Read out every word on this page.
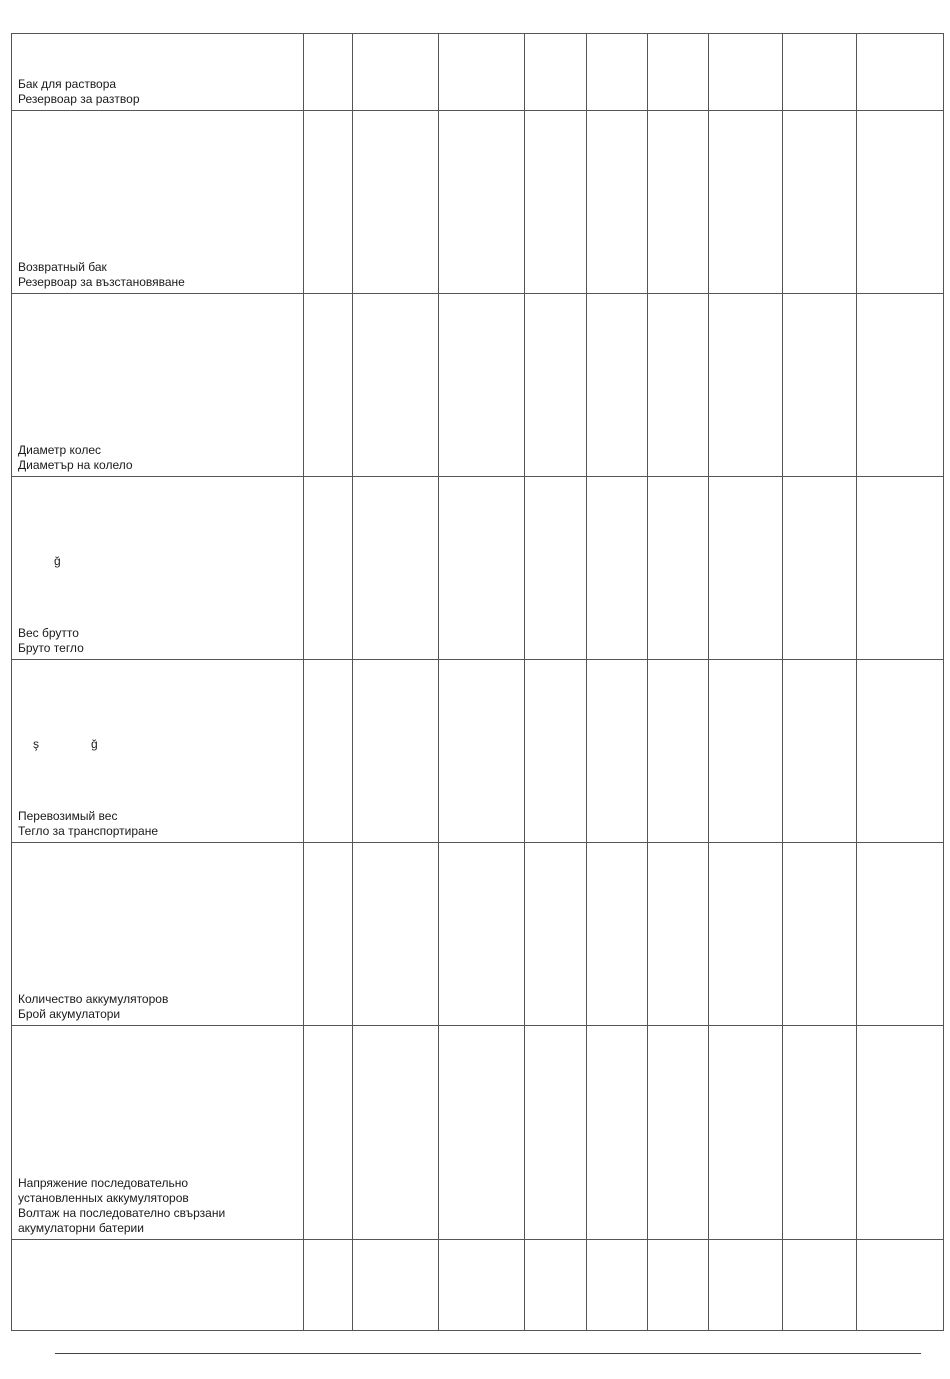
Бак для раствора
Резервоар за разтвор									

Возвратный бак
Резервоар за възстановяване									

Диаметр колес
Диаметър на колело									

ğ
Вес брутто
Бруто тегло									

ş ğ
Перевозимый вес
Тегло за транспортиране									

Количество аккумуляторов
Брой акумулатори									

Напряжение последовательно
установленных аккумуляторов
Волтаж на последователно свързани
акумулаторни батерии									
